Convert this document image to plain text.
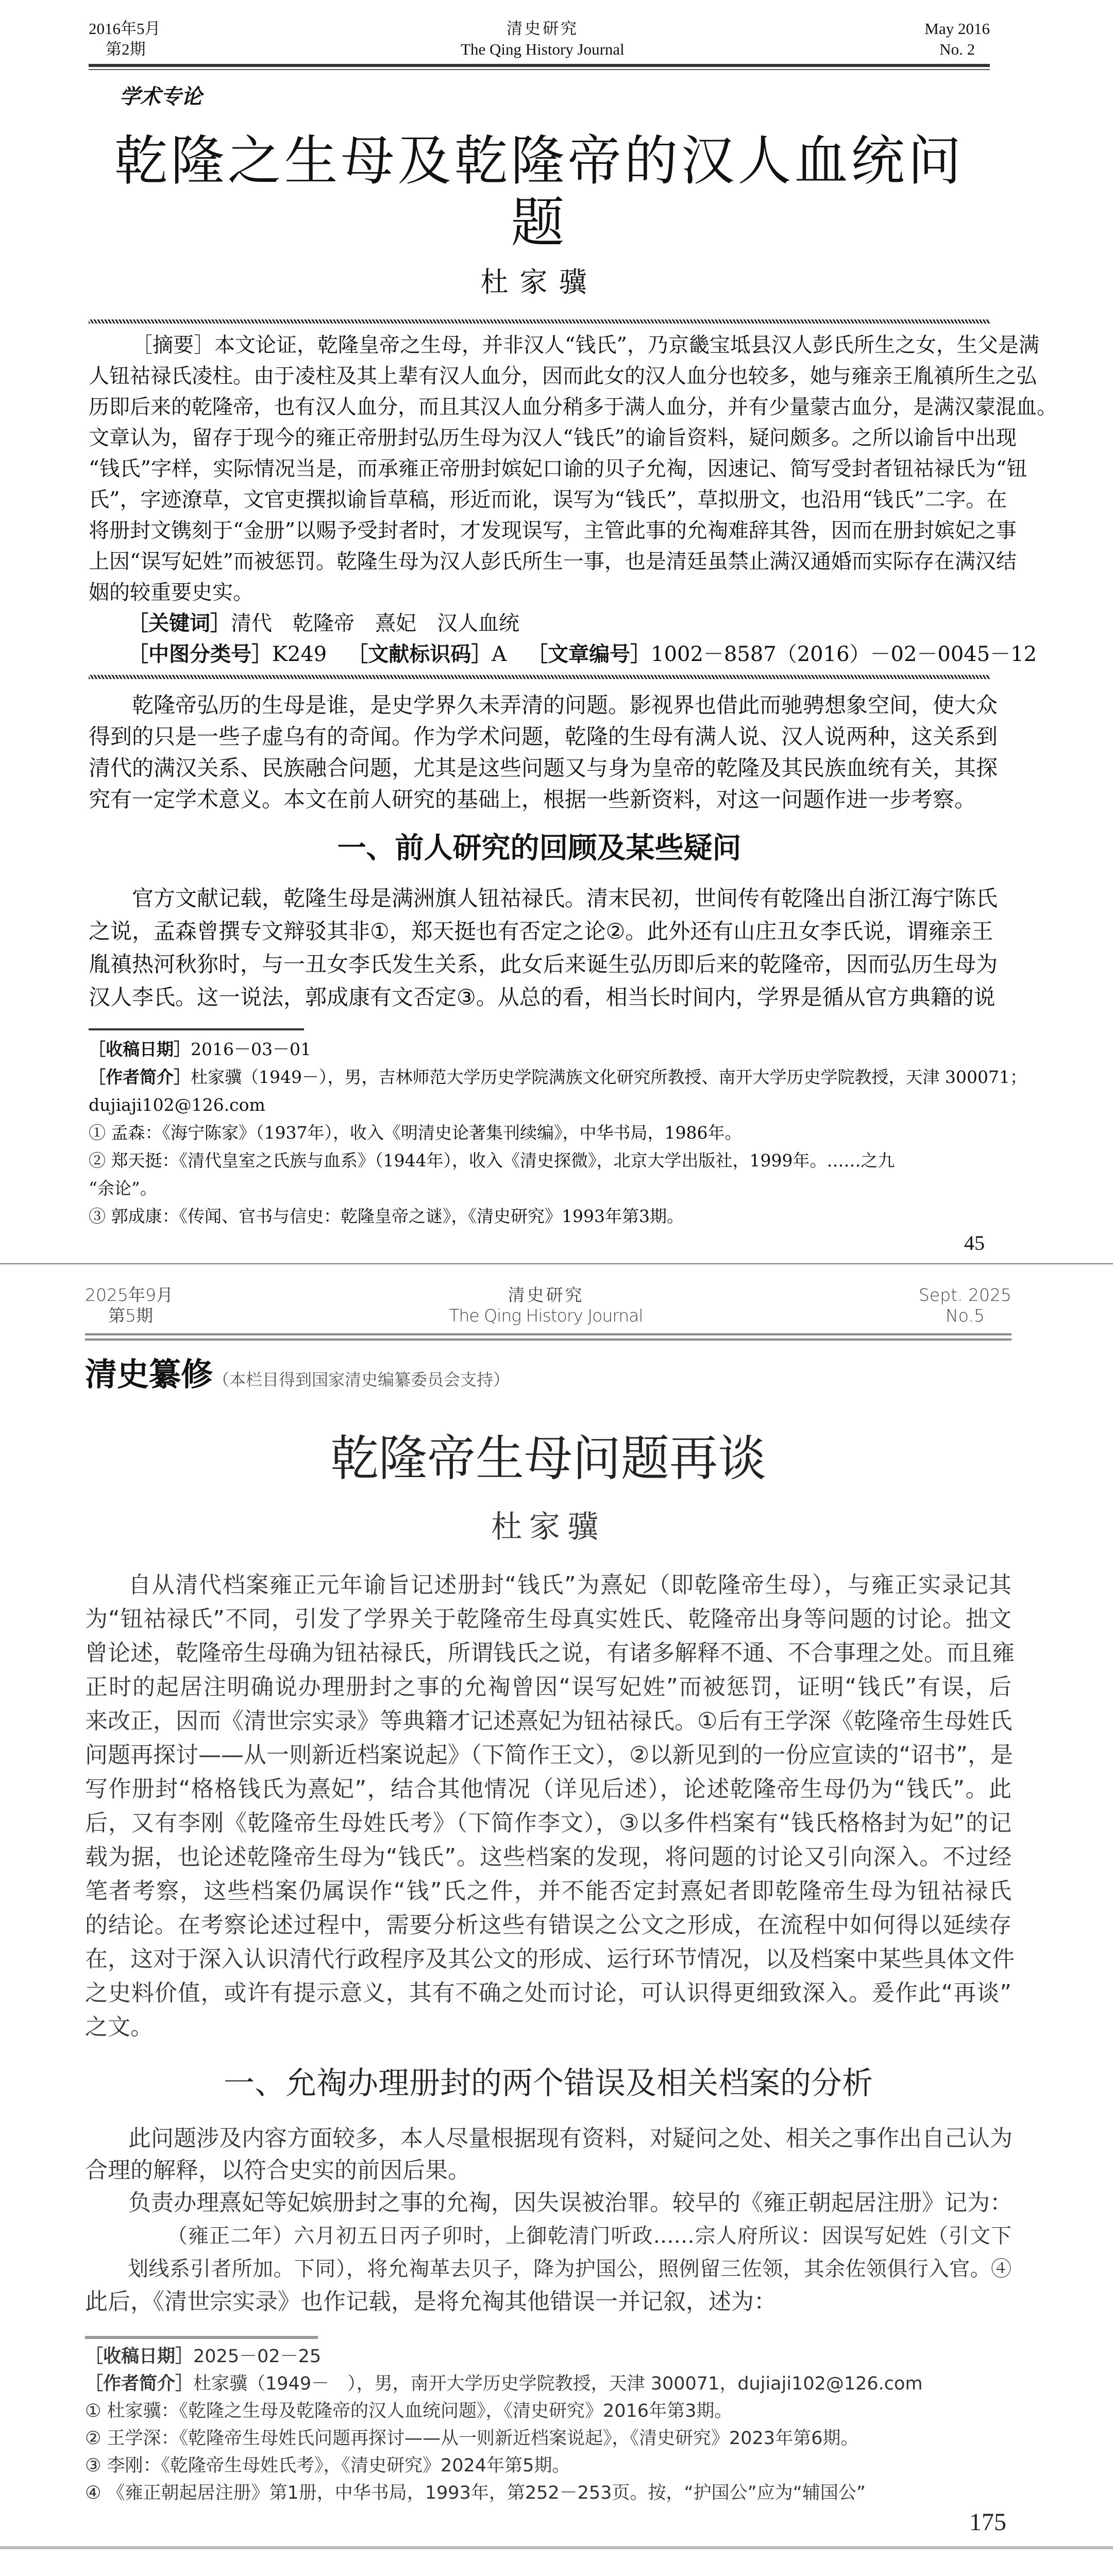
2016年5月
第2期
清史研究
The Qing History Journal
May 2016
No. 2
学术专论
乾隆之生母及乾隆帝的汉人血统问题
杜家骥
［摘要］本文论证，乾隆皇帝之生母，并非汉人“钱氏”，乃京畿宝坻县汉人彭氏所生之女，生父是满
人钮祜禄氏凌柱。由于凌柱及其上辈有汉人血分，因而此女的汉人血分也较多，她与雍亲王胤禛所生之弘
历即后来的乾隆帝，也有汉人血分，而且其汉人血分稍多于满人血分，并有少量蒙古血分，是满汉蒙混血。
文章认为，留存于现今的雍正帝册封弘历生母为汉人“钱氏”的谕旨资料，疑问颇多。之所以谕旨中出现
“钱氏”字样，实际情况当是，而承雍正帝册封嫔妃口谕的贝子允祹，因速记、简写受封者钮祜禄氏为“钮
氏”，字迹潦草，文官吏撰拟谕旨草稿，形近而讹，误写为“钱氏”，草拟册文，也沿用“钱氏”二字。在
将册封文镌刻于“金册”以赐予受封者时，才发现误写，主管此事的允祹难辞其咎，因而在册封嫔妃之事
上因“误写妃姓”而被惩罚。乾隆生母为汉人彭氏所生一事，也是清廷虽禁止满汉通婚而实际存在满汉结
姻的较重要史实。
［关键词］清代　乾隆帝　熹妃　汉人血统
［中图分类号］K249  ［文献标识码］A  ［文章编号］1002－8587（2016）－02－0045－12
乾隆帝弘历的生母是谁，是史学界久未弄清的问题。影视界也借此而驰骋想象空间，使大众
得到的只是一些子虚乌有的奇闻。作为学术问题，乾隆的生母有满人说、汉人说两种，这关系到
清代的满汉关系、民族融合问题，尤其是这些问题又与身为皇帝的乾隆及其民族血统有关，其探
究有一定学术意义。本文在前人研究的基础上，根据一些新资料，对这一问题作进一步考察。
一、前人研究的回顾及某些疑问
官方文献记载，乾隆生母是满洲旗人钮祜禄氏。清末民初，世间传有乾隆出自浙江海宁陈氏
之说，孟森曾撰专文辩驳其非①，郑天挺也有否定之论②。此外还有山庄丑女李氏说，谓雍亲王
胤禛热河秋狝时，与一丑女李氏发生关系，此女后来诞生弘历即后来的乾隆帝，因而弘历生母为
汉人李氏。这一说法，郭成康有文否定③。从总的看，相当长时间内，学界是循从官方典籍的说
［收稿日期］2016－03－01
［作者简介］杜家骥（1949－），男，吉林师范大学历史学院满族文化研究所教授、南开大学历史学院教授，天津 300071；
dujiaji102@126.com
① 孟森：《海宁陈家》（1937年），收入《明清史论著集刊续编》，中华书局，1986年。
② 郑天挺：《清代皇室之氏族与血系》（1944年），收入《清史探微》，北京大学出版社，1999年。……之九
“余论”。
③ 郭成康：《传闻、官书与信史：乾隆皇帝之谜》，《清史研究》1993年第3期。
45
2025年9月
第5期
清史研究
The Qing History Journal
Sept. 2025
No.5
清史纂修（本栏目得到国家清史编纂委员会支持）
乾隆帝生母问题再谈
杜家骥
自从清代档案雍正元年谕旨记述册封“钱氏”为熹妃（即乾隆帝生母），与雍正实录记其
为“钮祜禄氏”不同，引发了学界关于乾隆帝生母真实姓氏、乾隆帝出身等问题的讨论。拙文
曾论述，乾隆帝生母确为钮祜禄氏，所谓钱氏之说，有诸多解释不通、不合事理之处。而且雍
正时的起居注明确说办理册封之事的允祹曾因“误写妃姓”而被惩罚，证明“钱氏”有误，后
来改正，因而《清世宗实录》等典籍才记述熹妃为钮祜禄氏。①后有王学深《乾隆帝生母姓氏
问题再探讨——从一则新近档案说起》（下简作王文），②以新见到的一份应宣读的“诏书”，是
写作册封“格格钱氏为熹妃”，结合其他情况（详见后述），论述乾隆帝生母仍为“钱氏”。此
后，又有李刚《乾隆帝生母姓氏考》（下简作李文），③以多件档案有“钱氏格格封为妃”的记
载为据，也论述乾隆帝生母为“钱氏”。这些档案的发现，将问题的讨论又引向深入。不过经
笔者考察，这些档案仍属误作“钱”氏之件，并不能否定封熹妃者即乾隆帝生母为钮祜禄氏
的结论。在考察论述过程中，需要分析这些有错误之公文之形成，在流程中如何得以延续存
在，这对于深入认识清代行政程序及其公文的形成、运行环节情况，以及档案中某些具体文件
之史料价值，或许有提示意义，其有不确之处而讨论，可认识得更细致深入。爰作此“再谈”
之文。
一、允祹办理册封的两个错误及相关档案的分析
此问题涉及内容方面较多，本人尽量根据现有资料，对疑问之处、相关之事作出自己认为
合理的解释，以符合史实的前因后果。
负责办理熹妃等妃嫔册封之事的允祹，因失误被治罪。较早的《雍正朝起居注册》记为：
（雍正二年）六月初五日丙子卯时，上御乾清门听政……宗人府所议：因误写妃姓（引文下
划线系引者所加。下同），将允祹革去贝子，降为护国公，照例留三佐领，其余佐领俱行入官。④
此后，《清世宗实录》也作记载，是将允祹其他错误一并记叙，述为：
［收稿日期］2025－02－25
［作者简介］杜家骥（1949－　），男，南开大学历史学院教授，天津 300071，dujiaji102@126.com
① 杜家骥：《乾隆之生母及乾隆帝的汉人血统问题》，《清史研究》2016年第3期。
② 王学深：《乾隆帝生母姓氏问题再探讨——从一则新近档案说起》，《清史研究》2023年第6期。
③ 李刚：《乾隆帝生母姓氏考》，《清史研究》2024年第5期。
④ 《雍正朝起居注册》第1册，中华书局，1993年，第252－253页。按，“护国公”应为“辅国公”
175
